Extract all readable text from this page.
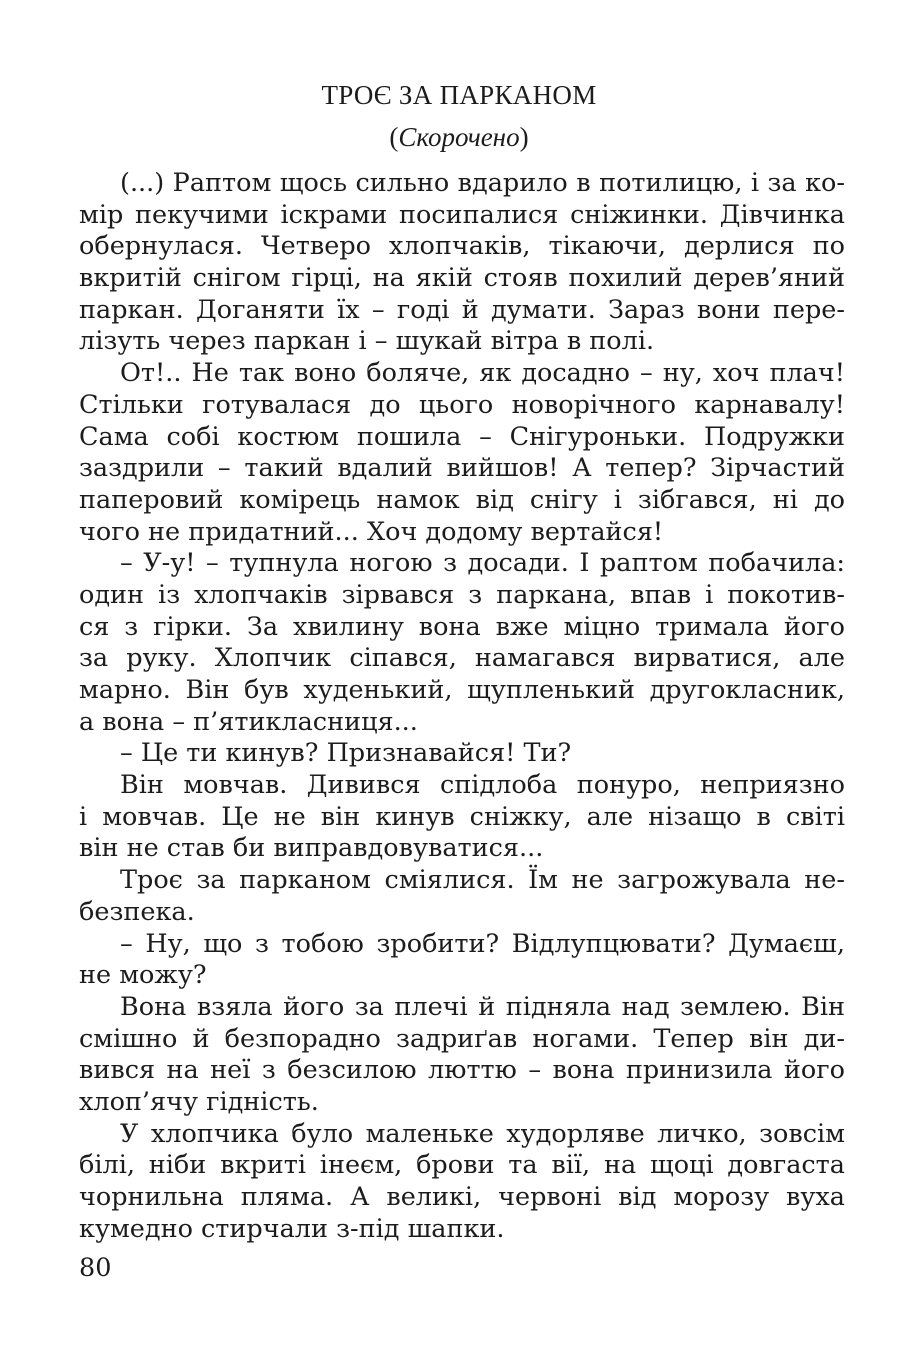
ТРОЄ ЗА ПАРКАНОМ
(Скорочено)
(...) Раптом щось сильно вдарило в потилицю, і за ко-
мір пекучими іскрами посипалися сніжинки. Дівчинка
обернулася. Четверо хлопчаків, тікаючи, дерлися по
вкритій снігом гірці, на якій стояв похилий дерев’яний
паркан. Доганяти їх – годі й думати. Зараз вони пере-
лізуть через паркан і – шукай вітра в полі.
От!.. Не так воно боляче, як досадно – ну, хоч плач!
Стільки готувалася до цього новорічного карнавалу!
Сама собі костюм пошила – Снігуроньки. Подружки
заздрили – такий вдалий вийшов! А тепер? Зірчастий
паперовий комірець намок від снігу і зібгався, ні до
чого не придатний... Хоч додому вертайся!
– У-у! – тупнула ногою з досади. І раптом побачила:
один із хлопчаків зірвався з паркана, впав і покотив-
ся з гірки. За хвилину вона вже міцно тримала його
за руку. Хлопчик сіпався, намагався вирватися, але
марно. Він був худенький, щупленький другокласник,
а вона – п’ятикласниця...
– Це ти кинув? Признавайся! Ти?
Він мовчав. Дивився спідлоба понуро, неприязно
і мовчав. Це не він кинув сніжку, але нізащо в світі
він не став би виправдовуватися...
Троє за парканом сміялися. Їм не загрожувала не-
безпека.
– Ну, що з тобою зробити? Відлупцювати? Думаєш,
не можу?
Вона взяла його за плечі й підняла над землею. Він
смішно й безпорадно задриґав ногами. Тепер він ди-
вився на неї з безсилою люттю – вона принизила його
хлоп’ячу гідність.
У хлопчика було маленьке худорляве личко, зовсім
білі, ніби вкриті інеєм, брови та вії, на щоці довгаста
чорнильна пляма. А великі, червоні від морозу вуха
кумедно стирчали з-під шапки.
80
